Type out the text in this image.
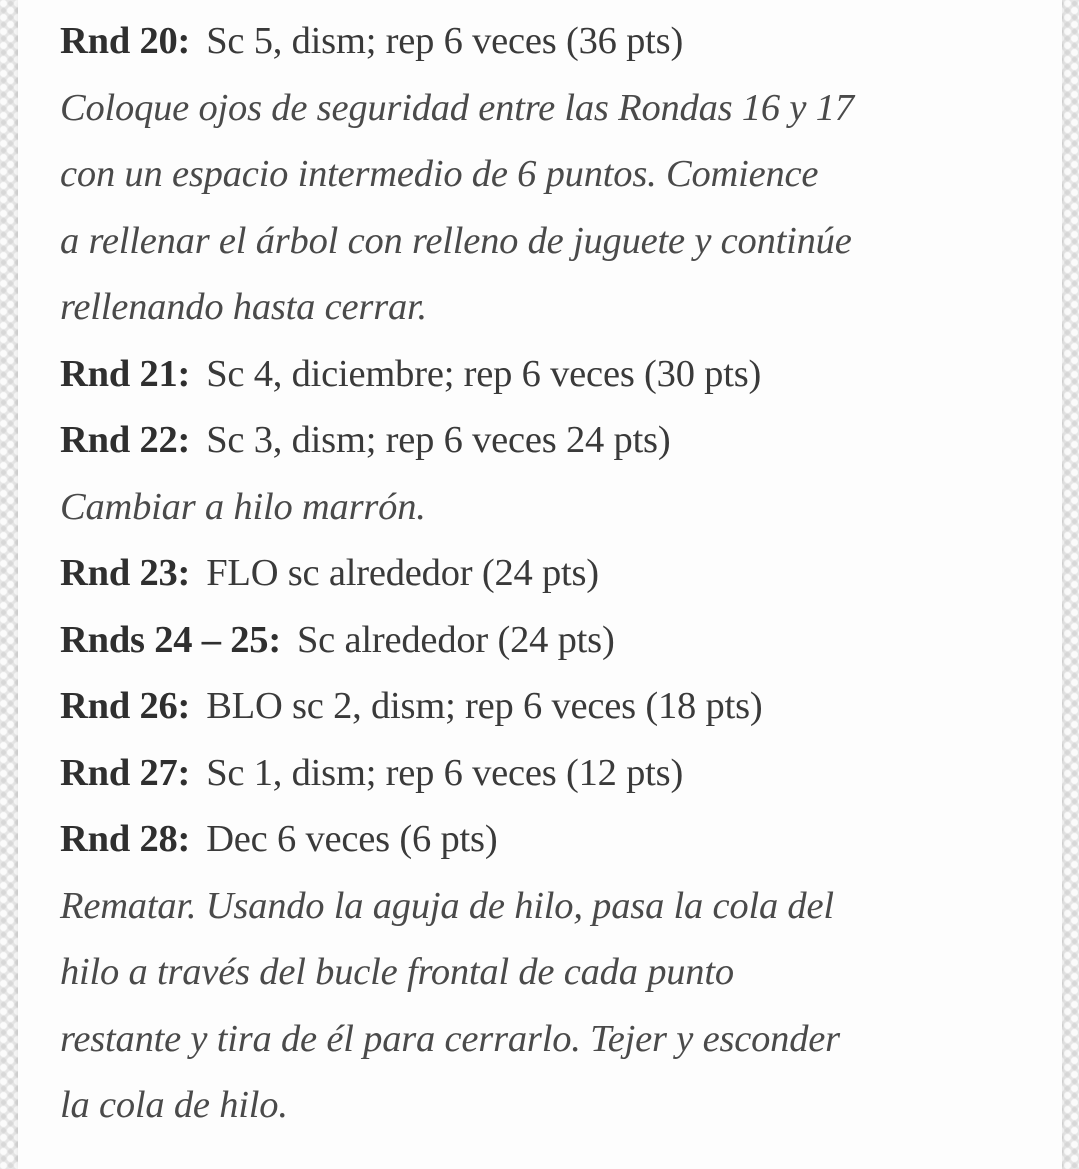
Rnd 20: Sc 5, dism; rep 6 veces (36 pts)
Coloque ojos de seguridad entre las Rondas 16 y 17
con un espacio intermedio de 6 puntos. Comience
a rellenar el árbol con relleno de juguete y continúe
rellenando hasta cerrar.
Rnd 21: Sc 4, diciembre; rep 6 veces (30 pts)
Rnd 22: Sc 3, dism; rep 6 veces 24 pts)
Cambiar a hilo marrón.
Rnd 23: FLO sc alrededor (24 pts)
Rnds 24 – 25: Sc alrededor (24 pts)
Rnd 26: BLO sc 2, dism; rep 6 veces (18 pts)
Rnd 27: Sc 1, dism; rep 6 veces (12 pts)
Rnd 28: Dec 6 veces (6 pts)
Rematar. Usando la aguja de hilo, pasa la cola del
hilo a través del bucle frontal de cada punto
restante y tira de él para cerrarlo. Tejer y esconder
la cola de hilo.
